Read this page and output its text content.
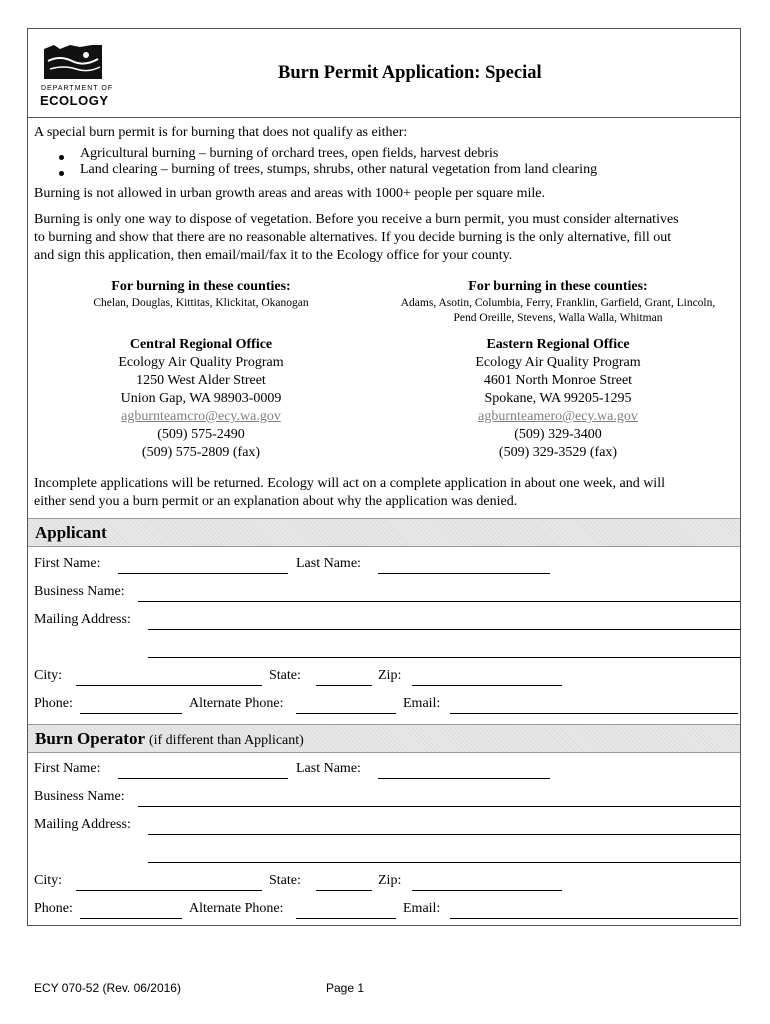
DEPARTMENT OF
ECOLOGY
Burn Permit Application: Special
A special burn permit is for burning that does not qualify as either:
Agricultural burning – burning of orchard trees, open fields, harvest debris
Land clearing – burning of trees, stumps, shrubs, other natural vegetation from land clearing
Burning is not allowed in urban growth areas and areas with 1000+ people per square mile.
Burning is only one way to dispose of vegetation. Before you receive a burn permit, you must consider alternatives
to burning and show that there are no reasonable alternatives. If you decide burning is the only alternative, fill out
and sign this application, then email/mail/fax it to the Ecology office for your county.
For burning in these counties:
Chelan, Douglas, Kittitas, Klickitat, Okanogan
Central Regional Office
Ecology Air Quality Program
1250 West Alder Street
Union Gap, WA 98903-0009
agburnteamcro@ecy.wa.gov
(509) 575-2490
(509) 575-2809 (fax)
For burning in these counties:
Adams, Asotin, Columbia, Ferry, Franklin, Garfield, Grant, Lincoln,
Pend Oreille, Stevens, Walla Walla, Whitman
Eastern Regional Office
Ecology Air Quality Program
4601 North Monroe Street
Spokane, WA 99205-1295
agburnteamero@ecy.wa.gov
(509) 329-3400
(509) 329-3529 (fax)
Incomplete applications will be returned. Ecology will act on a complete application in about one week, and will
either send you a burn permit or an explanation about why the application was denied.
Applicant
First Name:	Last Name:
Business Name:
Mailing Address:
City:	State:	Zip:
Phone:	Alternate Phone:	Email:
Burn Operator (if different than Applicant)
First Name:	Last Name:
Business Name:
Mailing Address:
City:	State:	Zip:
Phone:	Alternate Phone:	Email:
ECY 070-52 (Rev. 06/2016)	Page 1
